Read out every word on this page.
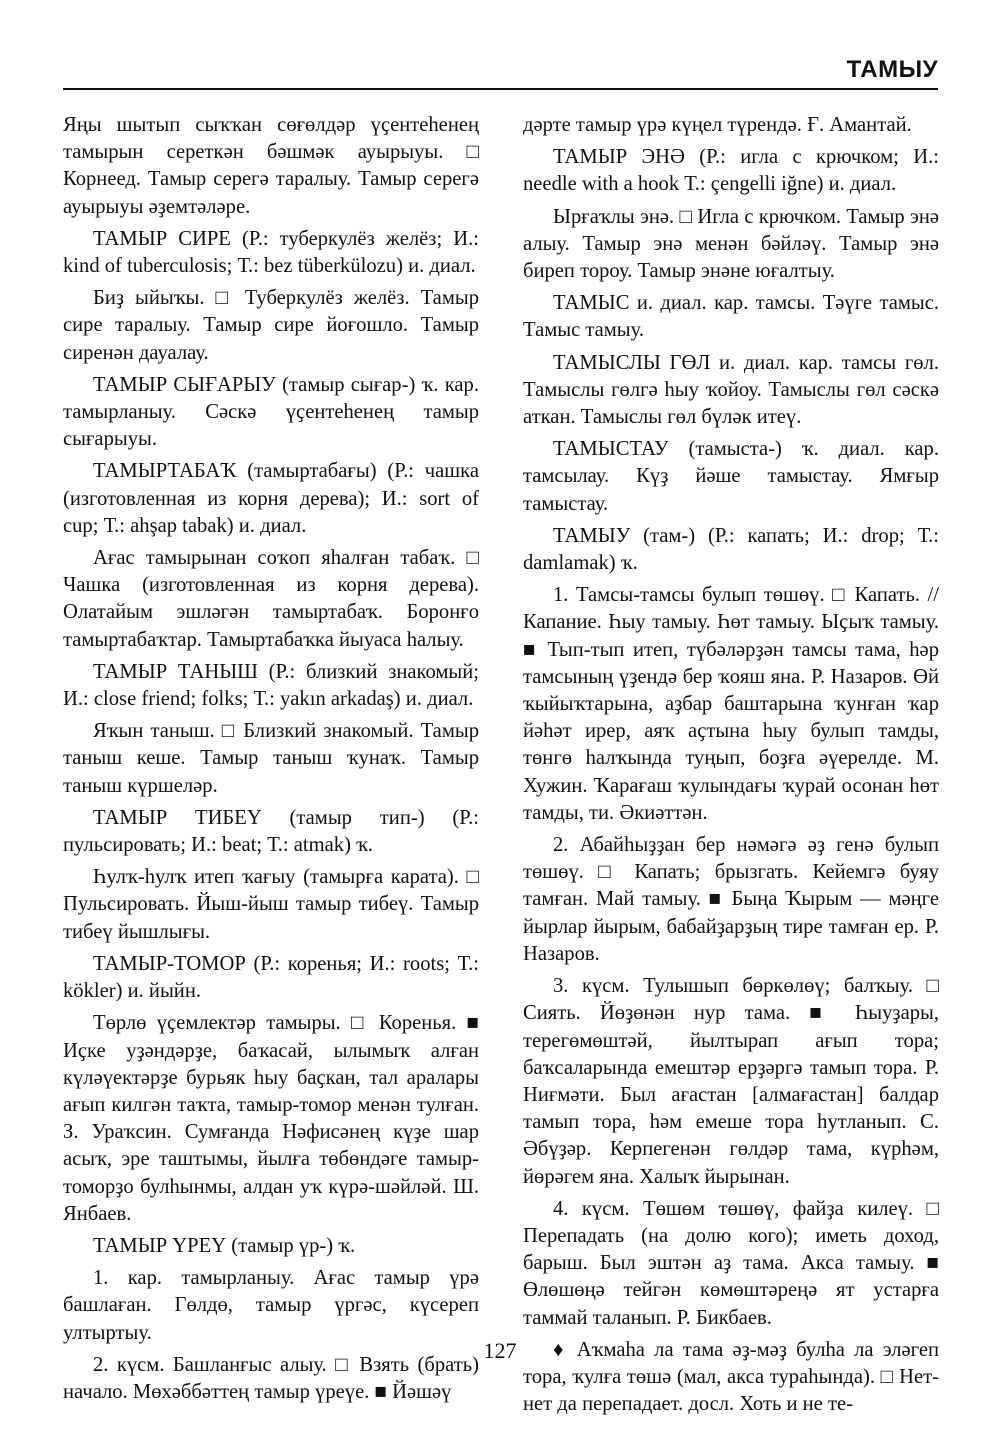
ТАМЫУ

Яңы шытып сыҡҡан сөғөлдәр үҫентеһенең тамырын сереткән бәшмәк ауырыуы. □ Корнеед. Тамыр серегә таралыу. Тамыр серегә ауырыуы әҙемтәләре.

ТАМЫР СИРЕ (Р.: туберкулёз желёз; И.: kind of tuberculosis; Т.: bez tüberkülozu) и. диал.

Биҙ ыйыҡы. □ Туберкулёз желёз. Тамыр сире таралыу. Тамыр сире йоғошло. Тамыр сиренән дауалау.

ТАМЫР СЫҒАРЫУ (тамыр сығар-) ҡ. кар. тамырланыу. Сәскә үҫентеһенең тамыр сығарыуы.

ТАМЫРТАБАҠ (тамыртабағы) (Р.: чашка (изготовленная из корня дерева); И.: sort of cup; Т.: ahşap tabak) и. диал.

Ағас тамырынан соҡоп яһалған табаҡ. □ Чашка (изготовленная из корня дерева). Олатайым эшләгән тамыртабаҡ. Боронғо тамыртабаҡтар. Тамыртабаҡка йыуаса һалыу.

ТАМЫР ТАНЫШ (Р.: близкий знакомый; И.: close friend; folks; Т.: yakın arkadaş) и. диал.

Яҡын таныш. □ Близкий знакомый. Тамыр таныш кеше. Тамыр таныш ҡунаҡ. Тамыр таныш күршеләр.

ТАМЫР ТИБЕҮ (тамыр тип-) (Р.: пульсировать; И.: beat; Т.: atmak) ҡ.

Һулҡ-һулҡ итеп ҡағыу (тамырға карата). □ Пульсировать. Йыш-йыш тамыр тибеү. Тамыр тибеү йышлығы.

ТАМЫР-ТОМОР (Р.: коренья; И.: roots; Т.: kökler) и. йыйн.

Төрлө үҫемлектәр тамыры. □ Коренья. ■ Иҫке уҙәндәрҙе, баҡасай, ылымыҡ алған күләүектәрҙе бурьяк һыу баҫкан, тал аралары ағып килгән таҡта, тамыр-томор менән тулған. З. Ураҡсин. Сумғанда Нәфисәнең күҙе шар асыҡ, эре таштымы, йылға төбөндәге тамыр-томорҙо булһынмы, алдан уҡ күрә-шәйләй. Ш. Янбаев.

ТАМЫР ҮРЕҮ (тамыр үр-) ҡ.

1. кар. тамырланыу. Ағас тамыр үрә башлаған. Гөлдө, тамыр үргәс, күсереп ултыртыу.

2. күсм. Башланғыс алыу. □ Взять (брать) начало. Мөхәббәттең тамыр үреүе. ■ Йәшәү

дәрте тамыр үрә күңел түрендә. Ғ. Амантай.

ТАМЫР ЭНӘ (Р.: игла с крючком; И.: needle with a hook Т.: çengelli iğne) и. диал.

Ырғаҡлы энә. □ Игла с крючком. Тамыр энә алыу. Тамыр энә менән бәйләү. Тамыр энә биреп тороу. Тамыр энәне юғалтыу.

ТАМЫС и. диал. кар. тамсы. Тәүге тамыс. Тамыс тамыу.

ТАМЫСЛЫ ГӨЛ и. диал. кар. тамсы гөл. Тамыслы гөлгә һыу ҡойоу. Тамыслы гөл сәскә аткан. Тамыслы гөл бүләк итеү.

ТАМЫСТАУ (тамыста-) ҡ. диал. кар. тамсылау. Күҙ йәше тамыстау. Ямғыр тамыстау.

ТАМЫУ (там-) (Р.: капать; И.: drop; Т.: damlamak) ҡ.

1. Тамсы-тамсы булып төшөү. □ Капать. // Капание. Һыу тамыу. Һөт тамыу. Ыҫыҡ тамыу. ■ Тып-тып итеп, түбәләрҙән тамсы тама, һәр тамсының үҙендә бер ҡояш яна. Р. Назаров. Өй ҡыйыҡтарына, аҙбар баштарына ҡунған ҡар йәһәт ирер, аяҡ аҫтына һыу булып тамды, төнгө һалҡында туңып, боҙға әүерелде. М. Хужин. Ҡарағаш ҡулындағы ҡурай осонан һөт тамды, ти. Әкиәттән.

2. Абайһыҙҙан бер нәмәгә әҙ генә булып төшөү. □ Капать; брызгать. Кейемгә буяу тамған. Май тамыу. ■ Быңа Ҡырым — мәңге йырлар йырым, бабайҙарҙың тире тамған ер. Р. Назаров.

3. күсм. Тулышып бөркөлөү; балҡыу. □ Сиять. Йөҙөнән нур тама. ■ Һыуҙары, терегөмөштәй, йылтырап ағып тора; баҡсаларында емештәр ерҙәргә тамып тора. Р. Ниғмәти. Был ағастан [алмағастан] балдар тамып тора, һәм емеше тора һутланып. С. Әбүҙәр. Керпегенән гөлдәр тама, күрһәм, йөрәгем яна. Халыҡ йырынан.

4. күсм. Төшөм төшөү, файҙа килеү. □ Перепадать (на долю кого); иметь доход, барыш. Был эштән аҙ тама. Акса тамыу. ■ Өлөшөңә тейгән көмөштәреңә ят устарға таммай таланып. Р. Бикбаев.

♦ Аҡмаһа ла тама әҙ-мәҙ булһа ла эләгеп тора, ҡулға төшә (мал, акса тураһында). □ Нет-нет да перепадает. досл. Хоть и не те-

127
